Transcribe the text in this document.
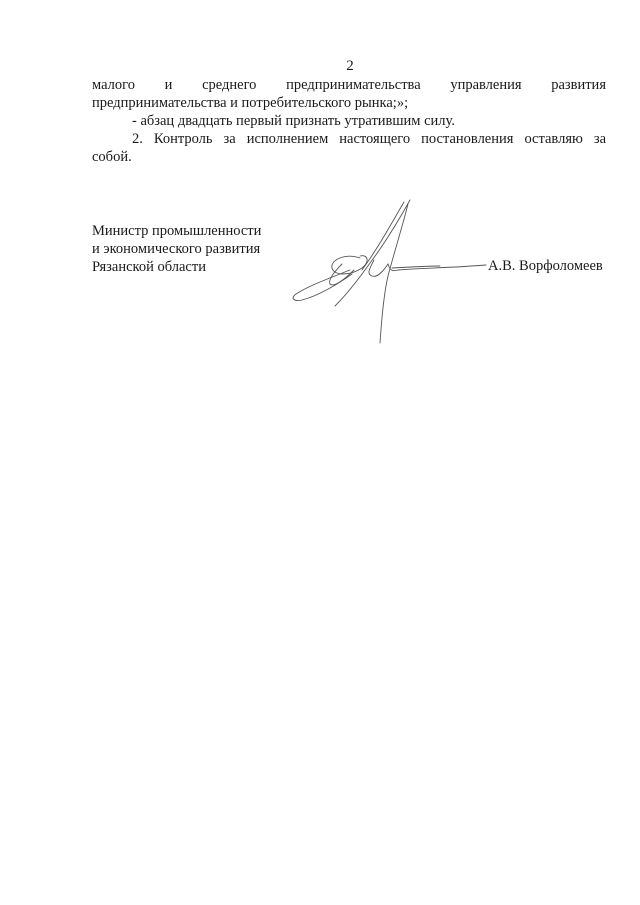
2
малого и среднего предпринимательства управления развития
предпринимательства и потребительского рынка;»;
- абзац двадцать первый признать утратившим силу.
2. Контроль за исполнением настоящего постановления оставляю за
собой.
Министр промышленности
и экономического развития
Рязанской области	А.В. Ворфоломеев
